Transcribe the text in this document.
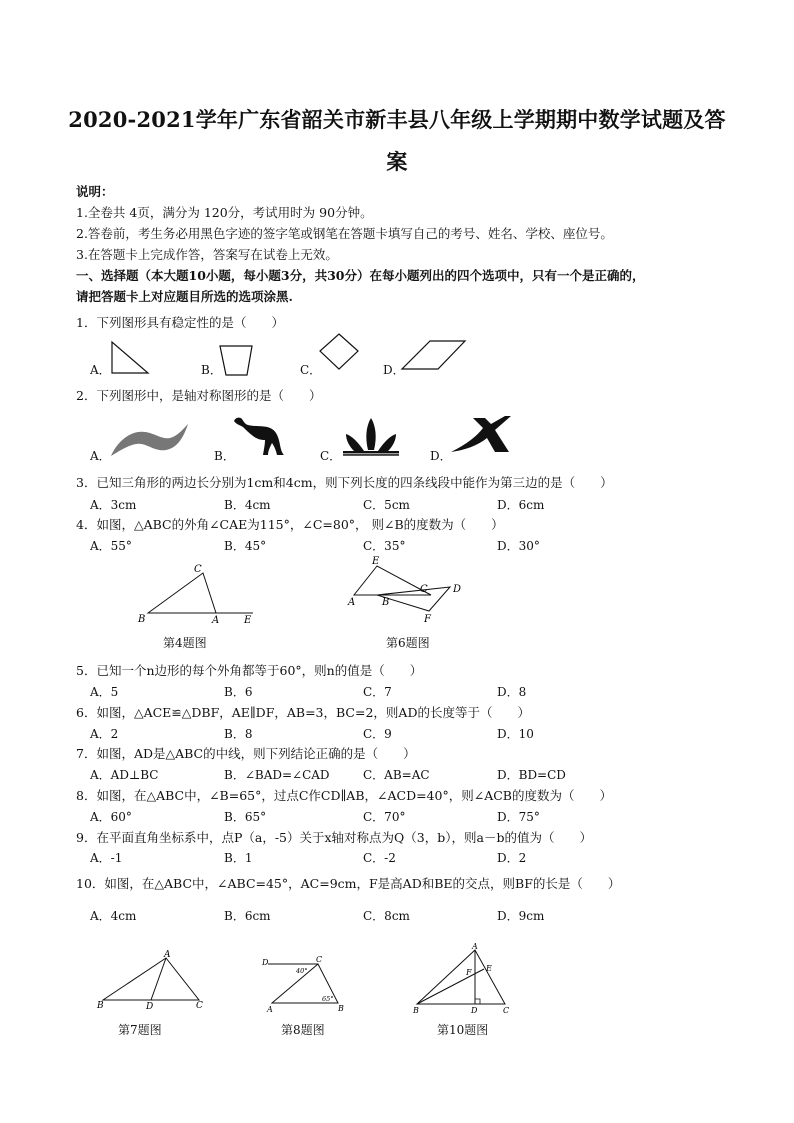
2020-2021学年广东省韶关市新丰县八年级上学期期中数学试题及答
案
说明：
1.全卷共 4页，满分为 120分，考试用时为 90分钟。
2.答卷前，考生务必用黑色字迹的签字笔或钢笔在答题卡填写自己的考号、姓名、学校、座位号。
3.在答题卡上完成作答，答案写在试卷上无效。
一、选择题（本大题10小题，每小题3分，共30分）在每小题列出的四个选项中，只有一个是正确的，
请把答题卡上对应题目所选的选项涂黑.
1．下列图形具有稳定性的是（　　）
A．	B．	C．	D．
2．下列图形中，是轴对称图形的是（　　）
A．	B．	C．	D．
3．已知三角形的两边长分别为1cm和4cm，则下列长度的四条线段中能作为第三边的是（　　）
A．3cm	B．4cm	C．5cm	D．6cm
4．如图，△ABC的外角∠CAE为115°，∠C=80°， 则∠B的度数为（　　）
A．55°	B．45°	C．35°	D．30°
C
B	A E
第4题图
E
A	B
C	D
F
第6题图
5．已知一个n边形的每个外角都等于60°，则n的值是（　　）
A．5	B．6	C．7	D．8
6．如图，△ACE≌△DBF，AE∥DF，AB=3，BC=2，则AD的长度等于（　　）
A．2	B．8	C．9	D．10
7．如图，AD是△ABC的中线，则下列结论正确的是（　　）
A．AD⊥BC	B．∠BAD=∠CAD	C．AB=AC	D．BD=CD
8．如图，在△ABC中，∠B=65°，过点C作CD∥AB，∠ACD=40°，则∠ACB的度数为（　　）
A．60°	B．65°	C．70°	D．75°
9．在平面直角坐标系中，点P（a，-5）关于x轴对称点为Q（3，b），则a－b的值为（　　）
A．-1	B．1	C．-2	D．2
10．如图，在△ABC中，∠ABC=45°，AC=9cm，F是高AD和BE的交点，则BF的长是（　　）
A．4cm	B．6cm	C．8cm	D．9cm
A
B	D	C
第7题图
D	C
40°
65°
A	B
第8题图
A
E
F
B	D	C
第10题图
